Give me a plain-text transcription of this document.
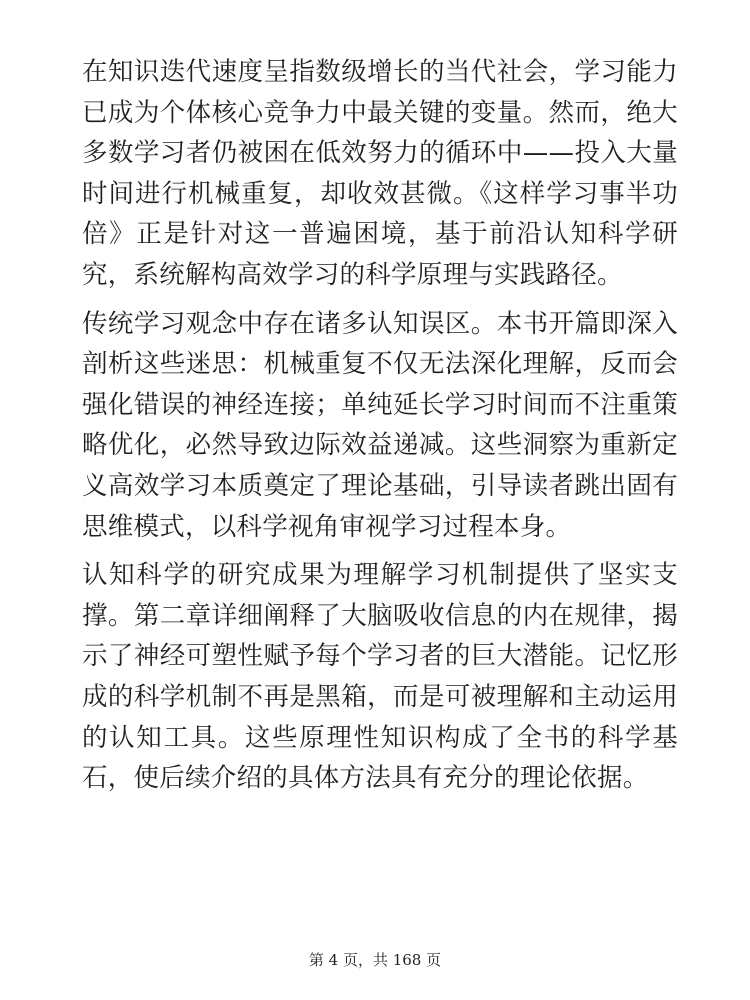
在知识迭代速度呈指数级增长的当代社会，学习能力已成为个体核心竞争力中最关键的变量。然而，绝大多数学习者仍被困在低效努力的循环中——投入大量时间进行机械重复，却收效甚微。《这样学习事半功倍》正是针对这一普遍困境，基于前沿认知科学研究，系统解构高效学习的科学原理与实践路径。

传统学习观念中存在诸多认知误区。本书开篇即深入剖析这些迷思：机械重复不仅无法深化理解，反而会强化错误的神经连接；单纯延长学习时间而不注重策略优化，必然导致边际效益递减。这些洞察为重新定义高效学习本质奠定了理论基础，引导读者跳出固有思维模式，以科学视角审视学习过程本身。

认知科学的研究成果为理解学习机制提供了坚实支撑。第二章详细阐释了大脑吸收信息的内在规律，揭示了神经可塑性赋予每个学习者的巨大潜能。记忆形成的科学机制不再是黑箱，而是可被理解和主动运用的认知工具。这些原理性知识构成了全书的科学基石，使后续介绍的具体方法具有充分的理论依据。

第 4 页，共 168 页
